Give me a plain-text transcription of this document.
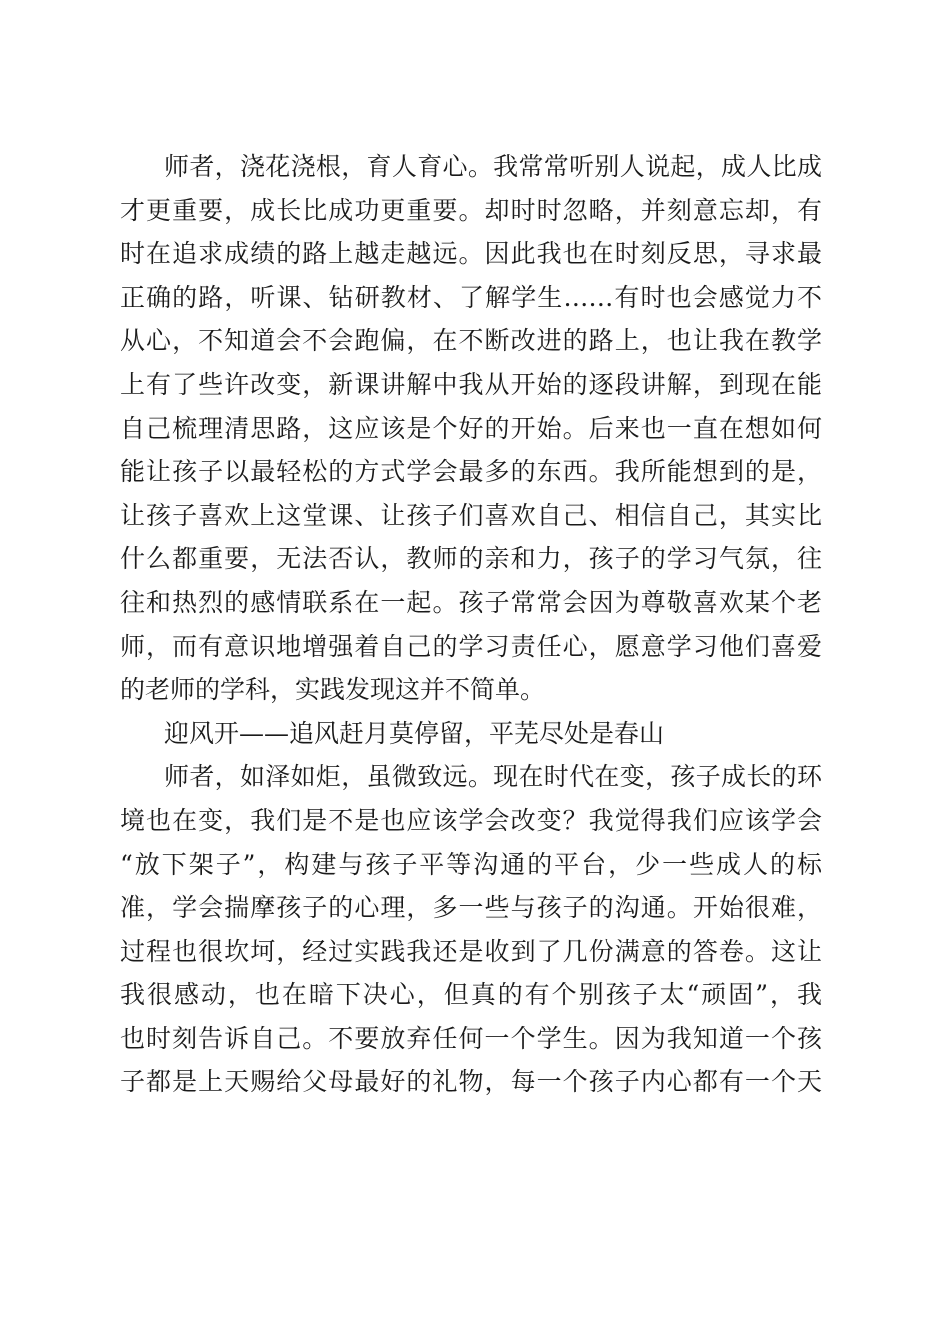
师者，浇花浇根，育人育心。我常常听别人说起，成人比成
才更重要，成长比成功更重要。却时时忽略，并刻意忘却，有
时在追求成绩的路上越走越远。因此我也在时刻反思，寻求最
正确的路，听课、钻研教材、了解学生……有时也会感觉力不
从心，不知道会不会跑偏，在不断改进的路上，也让我在教学
上有了些许改变，新课讲解中我从开始的逐段讲解，到现在能
自己梳理清思路，这应该是个好的开始。后来也一直在想如何
能让孩子以最轻松的方式学会最多的东西。我所能想到的是，
让孩子喜欢上这堂课、让孩子们喜欢自己、相信自己，其实比
什么都重要，无法否认，教师的亲和力，孩子的学习气氛，往
往和热烈的感情联系在一起。孩子常常会因为尊敬喜欢某个老
师，而有意识地增强着自己的学习责任心，愿意学习他们喜爱
的老师的学科，实践发现这并不简单。
迎风开——追风赶月莫停留，平芜尽处是春山
师者，如泽如炬，虽微致远。现在时代在变，孩子成长的环
境也在变，我们是不是也应该学会改变？我觉得我们应该学会
“放下架子”，构建与孩子平等沟通的平台，少一些成人的标
准，学会揣摩孩子的心理，多一些与孩子的沟通。开始很难，
过程也很坎坷，经过实践我还是收到了几份满意的答卷。这让
我很感动，也在暗下决心，但真的有个别孩子太“顽固”，我
也时刻告诉自己。不要放弃任何一个学生。因为我知道一个孩
子都是上天赐给父母最好的礼物，每一个孩子内心都有一个天
